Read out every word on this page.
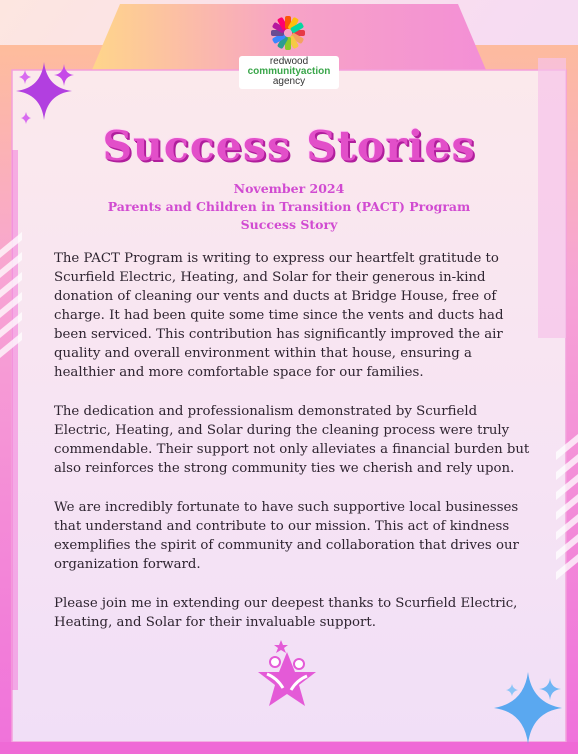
redwood
communityaction
agency
Success Stories
November 2024
Parents and Children in Transition (PACT) Program
Success Story

The PACT Program is writing to express our heartfelt gratitude to Scurfield Electric, Heating, and Solar for their generous in-kind donation of cleaning our vents and ducts at Bridge House, free of charge. It had been quite some time since the vents and ducts had been serviced. This contribution has significantly improved the air quality and overall environment within that house, ensuring a healthier and more comfortable space for our families.

The dedication and professionalism demonstrated by Scurfield Electric, Heating, and Solar during the cleaning process were truly commendable. Their support not only alleviates a financial burden but also reinforces the strong community ties we cherish and rely upon.

We are incredibly fortunate to have such supportive local businesses that understand and contribute to our mission. This act of kindness exemplifies the spirit of community and collaboration that drives our organization forward.

Please join me in extending our deepest thanks to Scurfield Electric, Heating, and Solar for their invaluable support.
